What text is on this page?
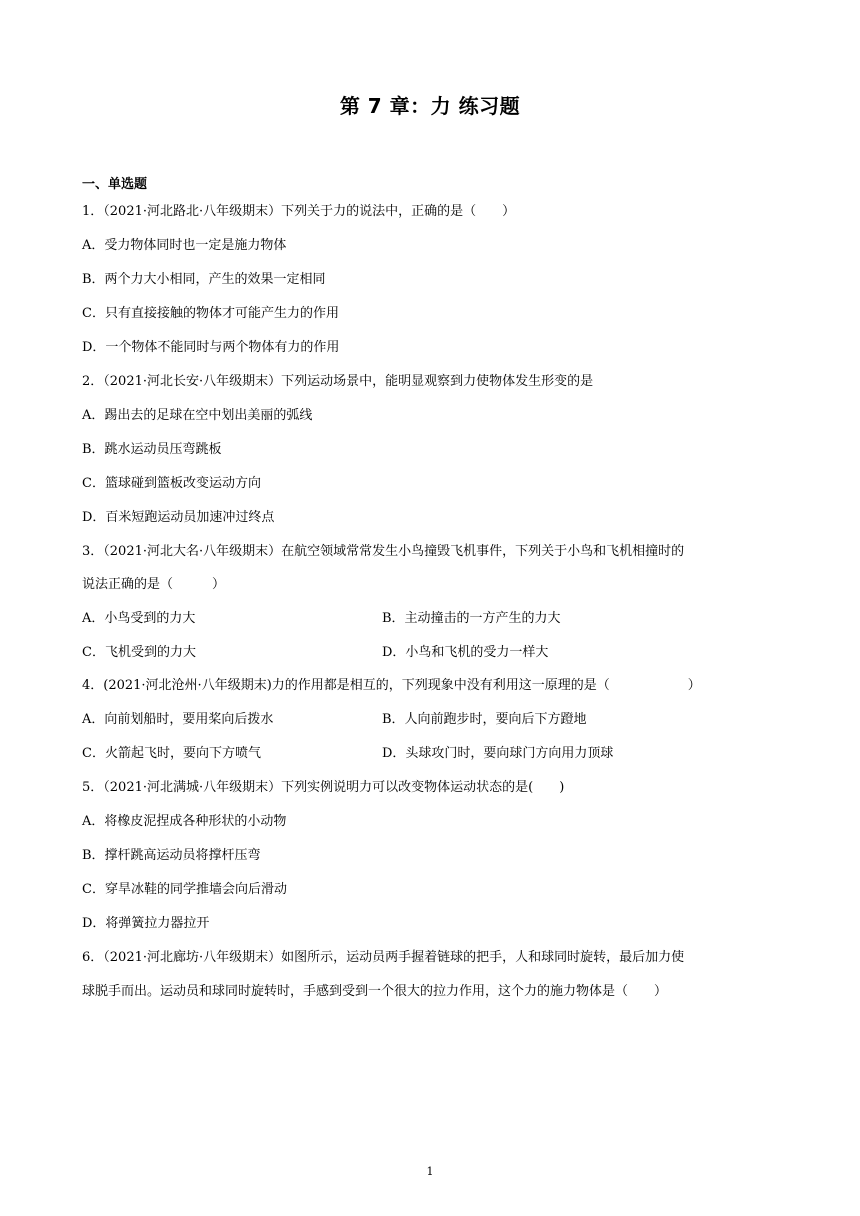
第 7 章：力 练习题
一、单选题
1．（2021·河北路北·八年级期末）下列关于力的说法中，正确的是（　　）
A．受力物体同时也一定是施力物体
B．两个力大小相同，产生的效果一定相同
C．只有直接接触的物体才可能产生力的作用
D．一个物体不能同时与两个物体有力的作用
2．（2021·河北长安·八年级期末）下列运动场景中，能明显观察到力使物体发生形变的是
A．踢出去的足球在空中划出美丽的弧线
B．跳水运动员压弯跳板
C．篮球碰到篮板改变运动方向
D．百米短跑运动员加速冲过终点
3．（2021·河北大名·八年级期末）在航空领域常常发生小鸟撞毁飞机事件，下列关于小鸟和飞机相撞时的
说法正确的是（　　　）
A．小鸟受到的力大	B．主动撞击的一方产生的力大
C．飞机受到的力大	D．小鸟和飞机的受力一样大
4．(2021·河北沧州·八年级期末)力的作用都是相互的，下列现象中没有利用这一原理的是（　　　　　　）
A．向前划船时，要用桨向后拨水	B．人向前跑步时，要向后下方蹬地
C．火箭起飞时，要向下方喷气	D．头球攻门时，要向球门方向用力顶球
5．（2021·河北满城·八年级期末）下列实例说明力可以改变物体运动状态的是(　　)
A．将橡皮泥捏成各种形状的小动物
B．撑杆跳高运动员将撑杆压弯
C．穿旱冰鞋的同学推墙会向后滑动
D．将弹簧拉力器拉开
6．（2021·河北廊坊·八年级期末）如图所示，运动员两手握着链球的把手，人和球同时旋转，最后加力使
球脱手而出。运动员和球同时旋转时，手感到受到一个很大的拉力作用，这个力的施力物体是（　　）
1
